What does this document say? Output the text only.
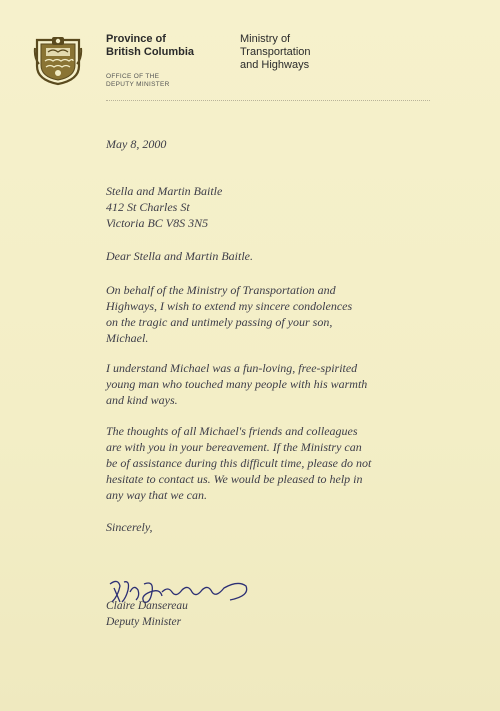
Province of
British Columbia
OFFICE OF THE
DEPUTY MINISTER
Ministry of
Transportation
and Highways
May 8, 2000
Stella and Martin Baitle
412 St Charles St
Victoria BC V8S 3N5
Dear Stella and Martin Baitle.
On behalf of the Ministry of Transportation and
Highways, I wish to extend my sincere condolences
on the tragic and untimely passing of your son,
Michael.
I understand Michael was a fun-loving, free-spirited
young man who touched many people with his warmth
and kind ways.
The thoughts of all Michael's friends and colleagues
are with you in your bereavement. If the Ministry can
be of assistance during this difficult time, please do not
hesitate to contact us. We would be pleased to help in
any way that we can.
Sincerely,
Claire Dansereau
Deputy Minister
